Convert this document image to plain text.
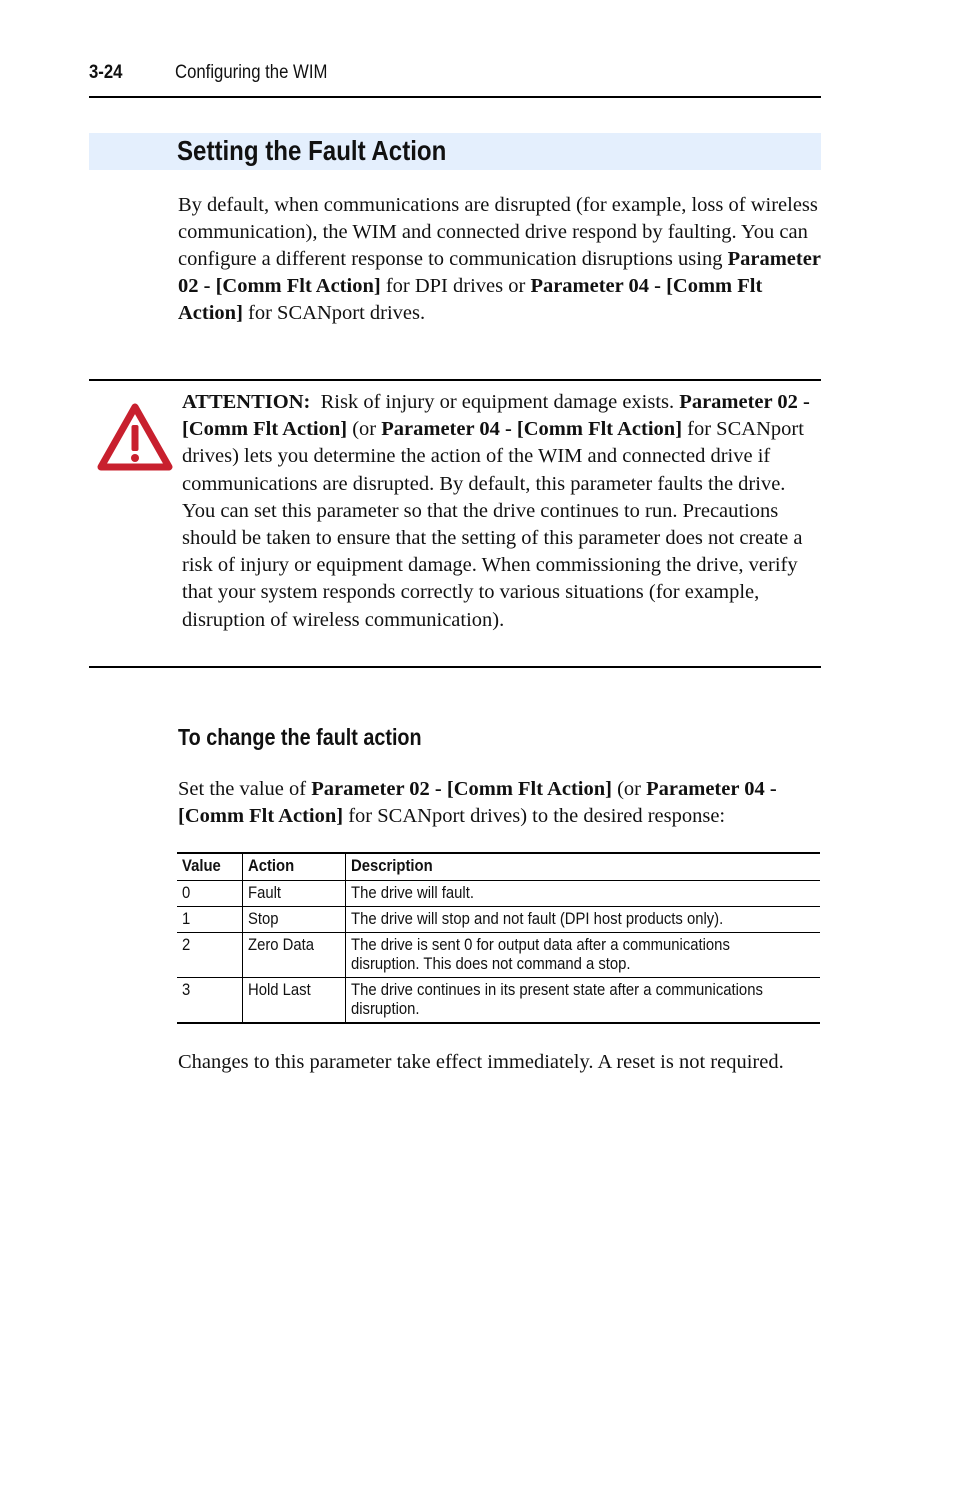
3-24	Configuring the WIM
Setting the Fault Action
By default, when communications are disrupted (for example, loss of wireless communication), the WIM and connected drive respond by faulting. You can configure a different response to communication disruptions using Parameter 02 - [Comm Flt Action] for DPI drives or Parameter 04 - [Comm Flt Action] for SCANport drives.
ATTENTION:  Risk of injury or equipment damage exists. Parameter 02 - [Comm Flt Action] (or Parameter 04 - [Comm Flt Action] for SCANport drives) lets you determine the action of the WIM and connected drive if communications are disrupted. By default, this parameter faults the drive. You can set this parameter so that the drive continues to run. Precautions should be taken to ensure that the setting of this parameter does not create a risk of injury or equipment damage. When commissioning the drive, verify that your system responds correctly to various situations (for example, disruption of wireless communication).
To change the fault action
Set the value of Parameter 02 - [Comm Flt Action] (or Parameter 04 - [Comm Flt Action] for SCANport drives) to the desired response:
Value	Action	Description
0	Fault	The drive will fault.
1	Stop	The drive will stop and not fault (DPI host products only).
2	Zero Data	The drive is sent 0 for output data after a communications
disruption. This does not command a stop.
3	Hold Last	The drive continues in its present state after a communications
disruption.
Changes to this parameter take effect immediately. A reset is not required.
